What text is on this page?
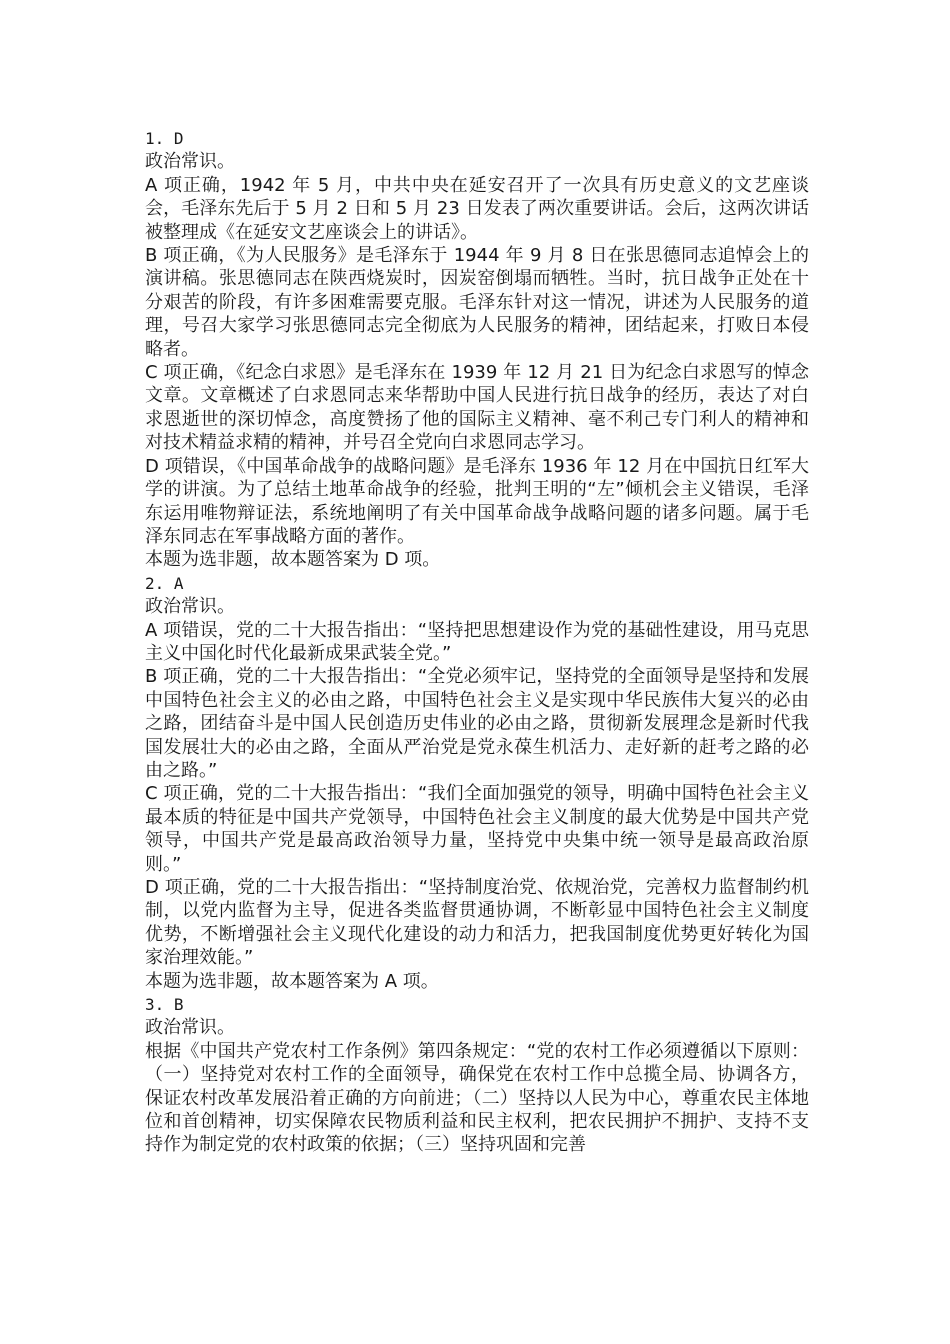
1. D

政治常识。

A 项正确，1942 年 5 月，中共中央在延安召开了一次具有历史意义的文艺座谈会，毛泽东先后于 5 月 2 日和 5 月 23 日发表了两次重要讲话。会后，这两次讲话被整理成《在延安文艺座谈会上的讲话》。

B 项正确，《为人民服务》是毛泽东于 1944 年 9 月 8 日在张思德同志追悼会上的演讲稿。张思德同志在陕西烧炭时，因炭窑倒塌而牺牲。当时，抗日战争正处在十分艰苦的阶段，有许多困难需要克服。毛泽东针对这一情况，讲述为人民服务的道理，号召大家学习张思德同志完全彻底为人民服务的精神，团结起来，打败日本侵略者。

C 项正确，《纪念白求恩》是毛泽东在 1939 年 12 月 21 日为纪念白求恩写的悼念文章。文章概述了白求恩同志来华帮助中国人民进行抗日战争的经历，表达了对白求恩逝世的深切悼念，高度赞扬了他的国际主义精神、毫不利己专门利人的精神和对技术精益求精的精神，并号召全党向白求恩同志学习。

D 项错误，《中国革命战争的战略问题》是毛泽东 1936 年 12 月在中国抗日红军大学的讲演。为了总结土地革命战争的经验，批判王明的“左”倾机会主义错误，毛泽东运用唯物辩证法，系统地阐明了有关中国革命战争战略问题的诸多问题。属于毛泽东同志在军事战略方面的著作。

本题为选非题，故本题答案为 D 项。

2. A

政治常识。

A 项错误，党的二十大报告指出：“坚持把思想建设作为党的基础性建设，用马克思主义中国化时代化最新成果武装全党。”

B 项正确，党的二十大报告指出：“全党必须牢记，坚持党的全面领导是坚持和发展中国特色社会主义的必由之路，中国特色社会主义是实现中华民族伟大复兴的必由之路，团结奋斗是中国人民创造历史伟业的必由之路，贯彻新发展理念是新时代我国发展壮大的必由之路，全面从严治党是党永葆生机活力、走好新的赶考之路的必由之路。”

C 项正确，党的二十大报告指出：“我们全面加强党的领导，明确中国特色社会主义最本质的特征是中国共产党领导，中国特色社会主义制度的最大优势是中国共产党领导，中国共产党是最高政治领导力量，坚持党中央集中统一领导是最高政治原则。”

D 项正确，党的二十大报告指出：“坚持制度治党、依规治党，完善权力监督制约机制，以党内监督为主导，促进各类监督贯通协调，不断彰显中国特色社会主义制度优势，不断增强社会主义现代化建设的动力和活力，把我国制度优势更好转化为国家治理效能。”

本题为选非题，故本题答案为 A 项。

3. B

政治常识。

根据《中国共产党农村工作条例》第四条规定：“党的农村工作必须遵循以下原则：（一）坚持党对农村工作的全面领导，确保党在农村工作中总揽全局、协调各方，保证农村改革发展沿着正确的方向前进；（二）坚持以人民为中心，尊重农民主体地位和首创精神，切实保障农民物质利益和民主权利，把农民拥护不拥护、支持不支持作为制定党的农村政策的依据；（三）坚持巩固和完善
